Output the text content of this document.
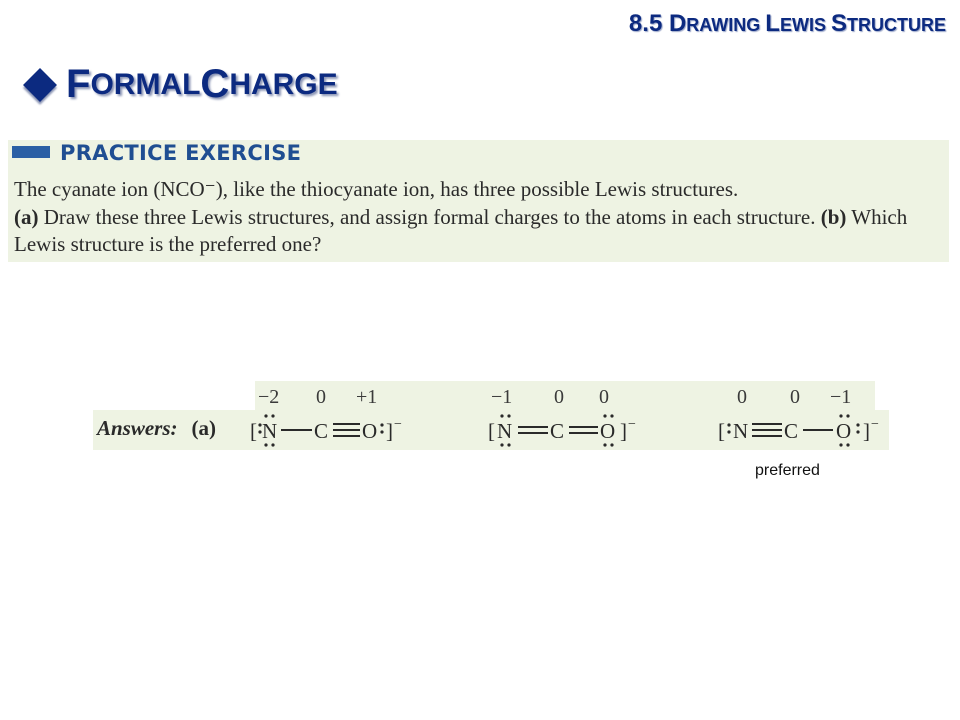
8.5 DRAWING LEWIS STRUCTURE
F ORMAL C HARGE
PRACTICE EXERCISE
The cyanate ion (NCO⁻), like the thiocyanate ion, has three possible Lewis structures.
(a) Draw these three Lewis structures, and assign formal charges to the atoms in each structure. (b) Which Lewis structure is the preferred one?
Answers: (a)
−2 0 +1	−1 0 0	0 0 −1
[ N C O ] −	[ N C O ] −	[ N C O ] −
preferred
